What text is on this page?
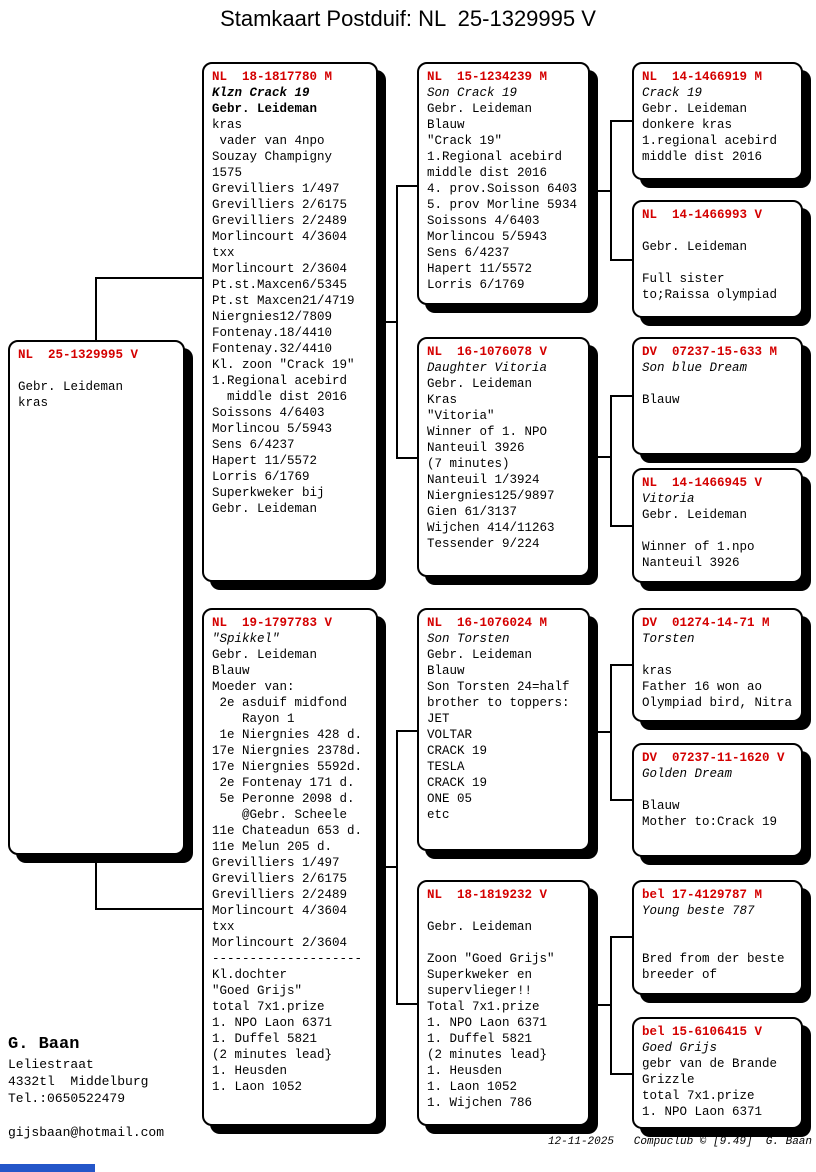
Stamkaart Postduif: NL  25-1329995 V
NL  25-1329995 V

Gebr. Leideman
kras
NL  18-1817780 M
Klzn Crack 19
Gebr. Leideman
kras
vader van 4npo
Souzay Champigny
1575
Grevilliers 1/497
Grevilliers 2/6175
Grevilliers 2/2489
Morlincourt 4/3604
txx
Morlincourt 2/3604
Pt.st.Maxcen6/5345
Pt.st Maxcen21/4719
Niergnies12/7809
Fontenay.18/4410
Fontenay.32/4410
Kl. zoon "Crack 19"
1.Regional acebird
middle dist 2016
Soissons 4/6403
Morlincou 5/5943
Sens 6/4237
Hapert 11/5572
Lorris 6/1769
Superkweker bij
Gebr. Leideman
NL  19-1797783 V
"Spikkel"
Gebr. Leideman
Blauw
Moeder van:
2e asduif midfond
Rayon 1
1e Niergnies 428 d.
17e Niergnies 2378d.
17e Niergnies 5592d.
2e Fontenay 171 d.
5e Peronne 2098 d.
@Gebr. Scheele
11e Chateadun 653 d.
11e Melun 205 d.
Grevilliers 1/497
Grevilliers 2/6175
Grevilliers 2/2489
Morlincourt 4/3604
txx
Morlincourt 2/3604
--------------------
Kl.dochter
"Goed Grijs"
total 7x1.prize
1. NPO Laon 6371
1. Duffel 5821
(2 minutes lead}
1. Heusden
1. Laon 1052
NL  15-1234239 M
Son Crack 19
Gebr. Leideman
Blauw
"Crack 19"
1.Regional acebird
middle dist 2016
4. prov.Soisson 6403
5. prov Morline 5934
Soissons 4/6403
Morlincou 5/5943
Sens 6/4237
Hapert 11/5572
Lorris 6/1769
NL  16-1076078 V
Daughter Vitoria
Gebr. Leideman
Kras
"Vitoria"
Winner of 1. NPO
Nanteuil 3926
(7 minutes)
Nanteuil 1/3924
Niergnies125/9897
Gien 61/3137
Wijchen 414/11263
Tessender 9/224
NL  16-1076024 M
Son Torsten
Gebr. Leideman
Blauw
Son Torsten 24=half
brother to toppers:
JET
VOLTAR
CRACK 19
TESLA
CRACK 19
ONE 05
etc
NL  18-1819232 V

Gebr. Leideman

Zoon "Goed Grijs"
Superkweker en
supervlieger!!
Total 7x1.prize
1. NPO Laon 6371
1. Duffel 5821
(2 minutes lead}
1. Heusden
1. Laon 1052
1. Wijchen 786
NL  14-1466919 M
Crack 19
Gebr. Leideman
donkere kras
1.regional acebird
middle dist 2016
NL  14-1466993 V

Gebr. Leideman

Full sister
to;Raissa olympiad
DV  07237-15-633 M
Son blue Dream

Blauw
NL  14-1466945 V
Vitoria
Gebr. Leideman

Winner of 1.npo
Nanteuil 3926
DV  01274-14-71 M
Torsten

kras
Father 16 won ao
Olympiad bird, Nitra
DV  07237-11-1620 V
Golden Dream

Blauw
Mother to:Crack 19
bel 17-4129787 M
Young beste 787

Bred from der beste
breeder of
bel 15-6106415 V
Goed Grijs
gebr van de Brande
Grizzle
total 7x1.prize
1. NPO Laon 6371
G. Baan
Leliestraat
4332tl  Middelburg
Tel.:0650522479

gijsbaan@hotmail.com
12-11-2025   Compuclub © [9.49]  G. Baan
